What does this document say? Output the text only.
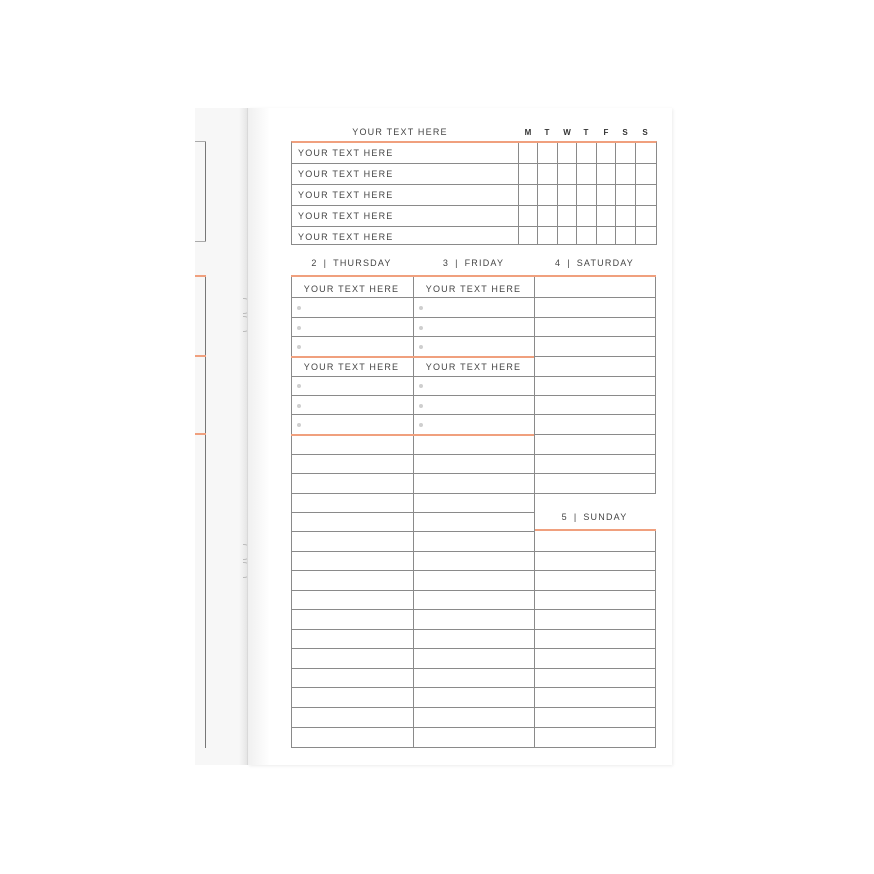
YOUR TEXT HERE	M	T	W	T	F	S	S
YOUR TEXT HERE
YOUR TEXT HERE
YOUR TEXT HERE
YOUR TEXT HERE
YOUR TEXT HERE
2 | THURSDAY	3 | FRIDAY	4 | SATURDAY
5 | SUNDAY
YOUR TEXT HERE	YOUR TEXT HERE
YOUR TEXT HERE	YOUR TEXT HERE
